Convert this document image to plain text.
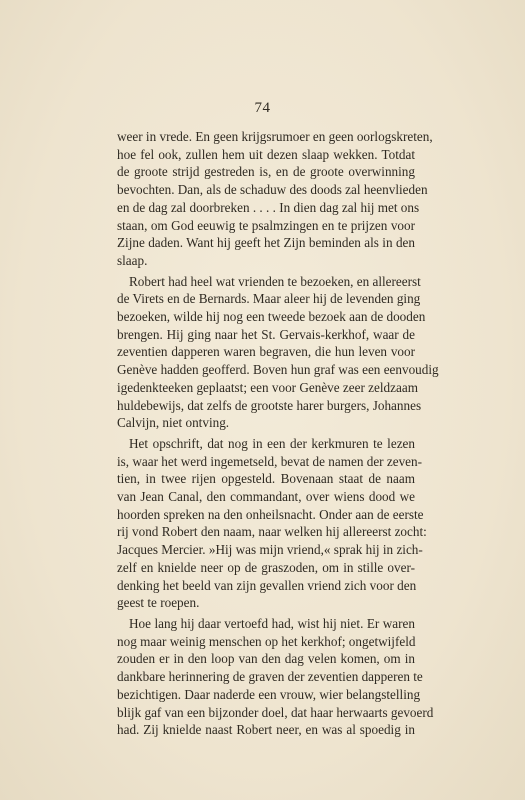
74

weer in vrede. En geen krijgsrumoer en geen oorlogskreten,
hoe fel ook, zullen hem uit dezen slaap wekken. Totdat
de groote strijd gestreden is, en de groote overwinning
bevochten. Dan, als de schaduw des doods zal heenvlieden
en de dag zal doorbreken . . . . In dien dag zal hij met ons
staan, om God eeuwig te psalmzingen en te prijzen voor
Zijne daden. Want hij geeft het Zijn beminden als in den
slaap.

Robert had heel wat vrienden te bezoeken, en allereerst
de Virets en de Bernards. Maar aleer hij de levenden ging
bezoeken, wilde hij nog een tweede bezoek aan de dooden
brengen. Hij ging naar het St. Gervais-kerkhof, waar de
zeventien dapperen waren begraven, die hun leven voor
Genève hadden geofferd. Boven hun graf was een eenvoudig
igedenkteeken geplaatst; een voor Genève zeer zeldzaam
huldebewijs, dat zelfs de grootste harer burgers, Johannes
Calvijn, niet ontving.

Het opschrift, dat nog in een der kerkmuren te lezen
is, waar het werd ingemetseld, bevat de namen der zeven-
tien, in twee rijen opgesteld. Bovenaan staat de naam
van Jean Canal, den commandant, over wiens dood we
hoorden spreken na den onheilsnacht. Onder aan de eerste
rij vond Robert den naam, naar welken hij allereerst zocht:
Jacques Mercier. »Hij was mijn vriend,« sprak hij in zich-
zelf en knielde neer op de graszoden, om in stille over-
denking het beeld van zijn gevallen vriend zich voor den
geest te roepen.

Hoe lang hij daar vertoefd had, wist hij niet. Er waren
nog maar weinig menschen op het kerkhof; ongetwijfeld
zouden er in den loop van den dag velen komen, om in
dankbare herinnering de graven der zeventien dapperen te
bezichtigen. Daar naderde een vrouw, wier belangstelling
blijk gaf van een bijzonder doel, dat haar herwaarts gevoerd
had. Zij knielde naast Robert neer, en was al spoedig in
